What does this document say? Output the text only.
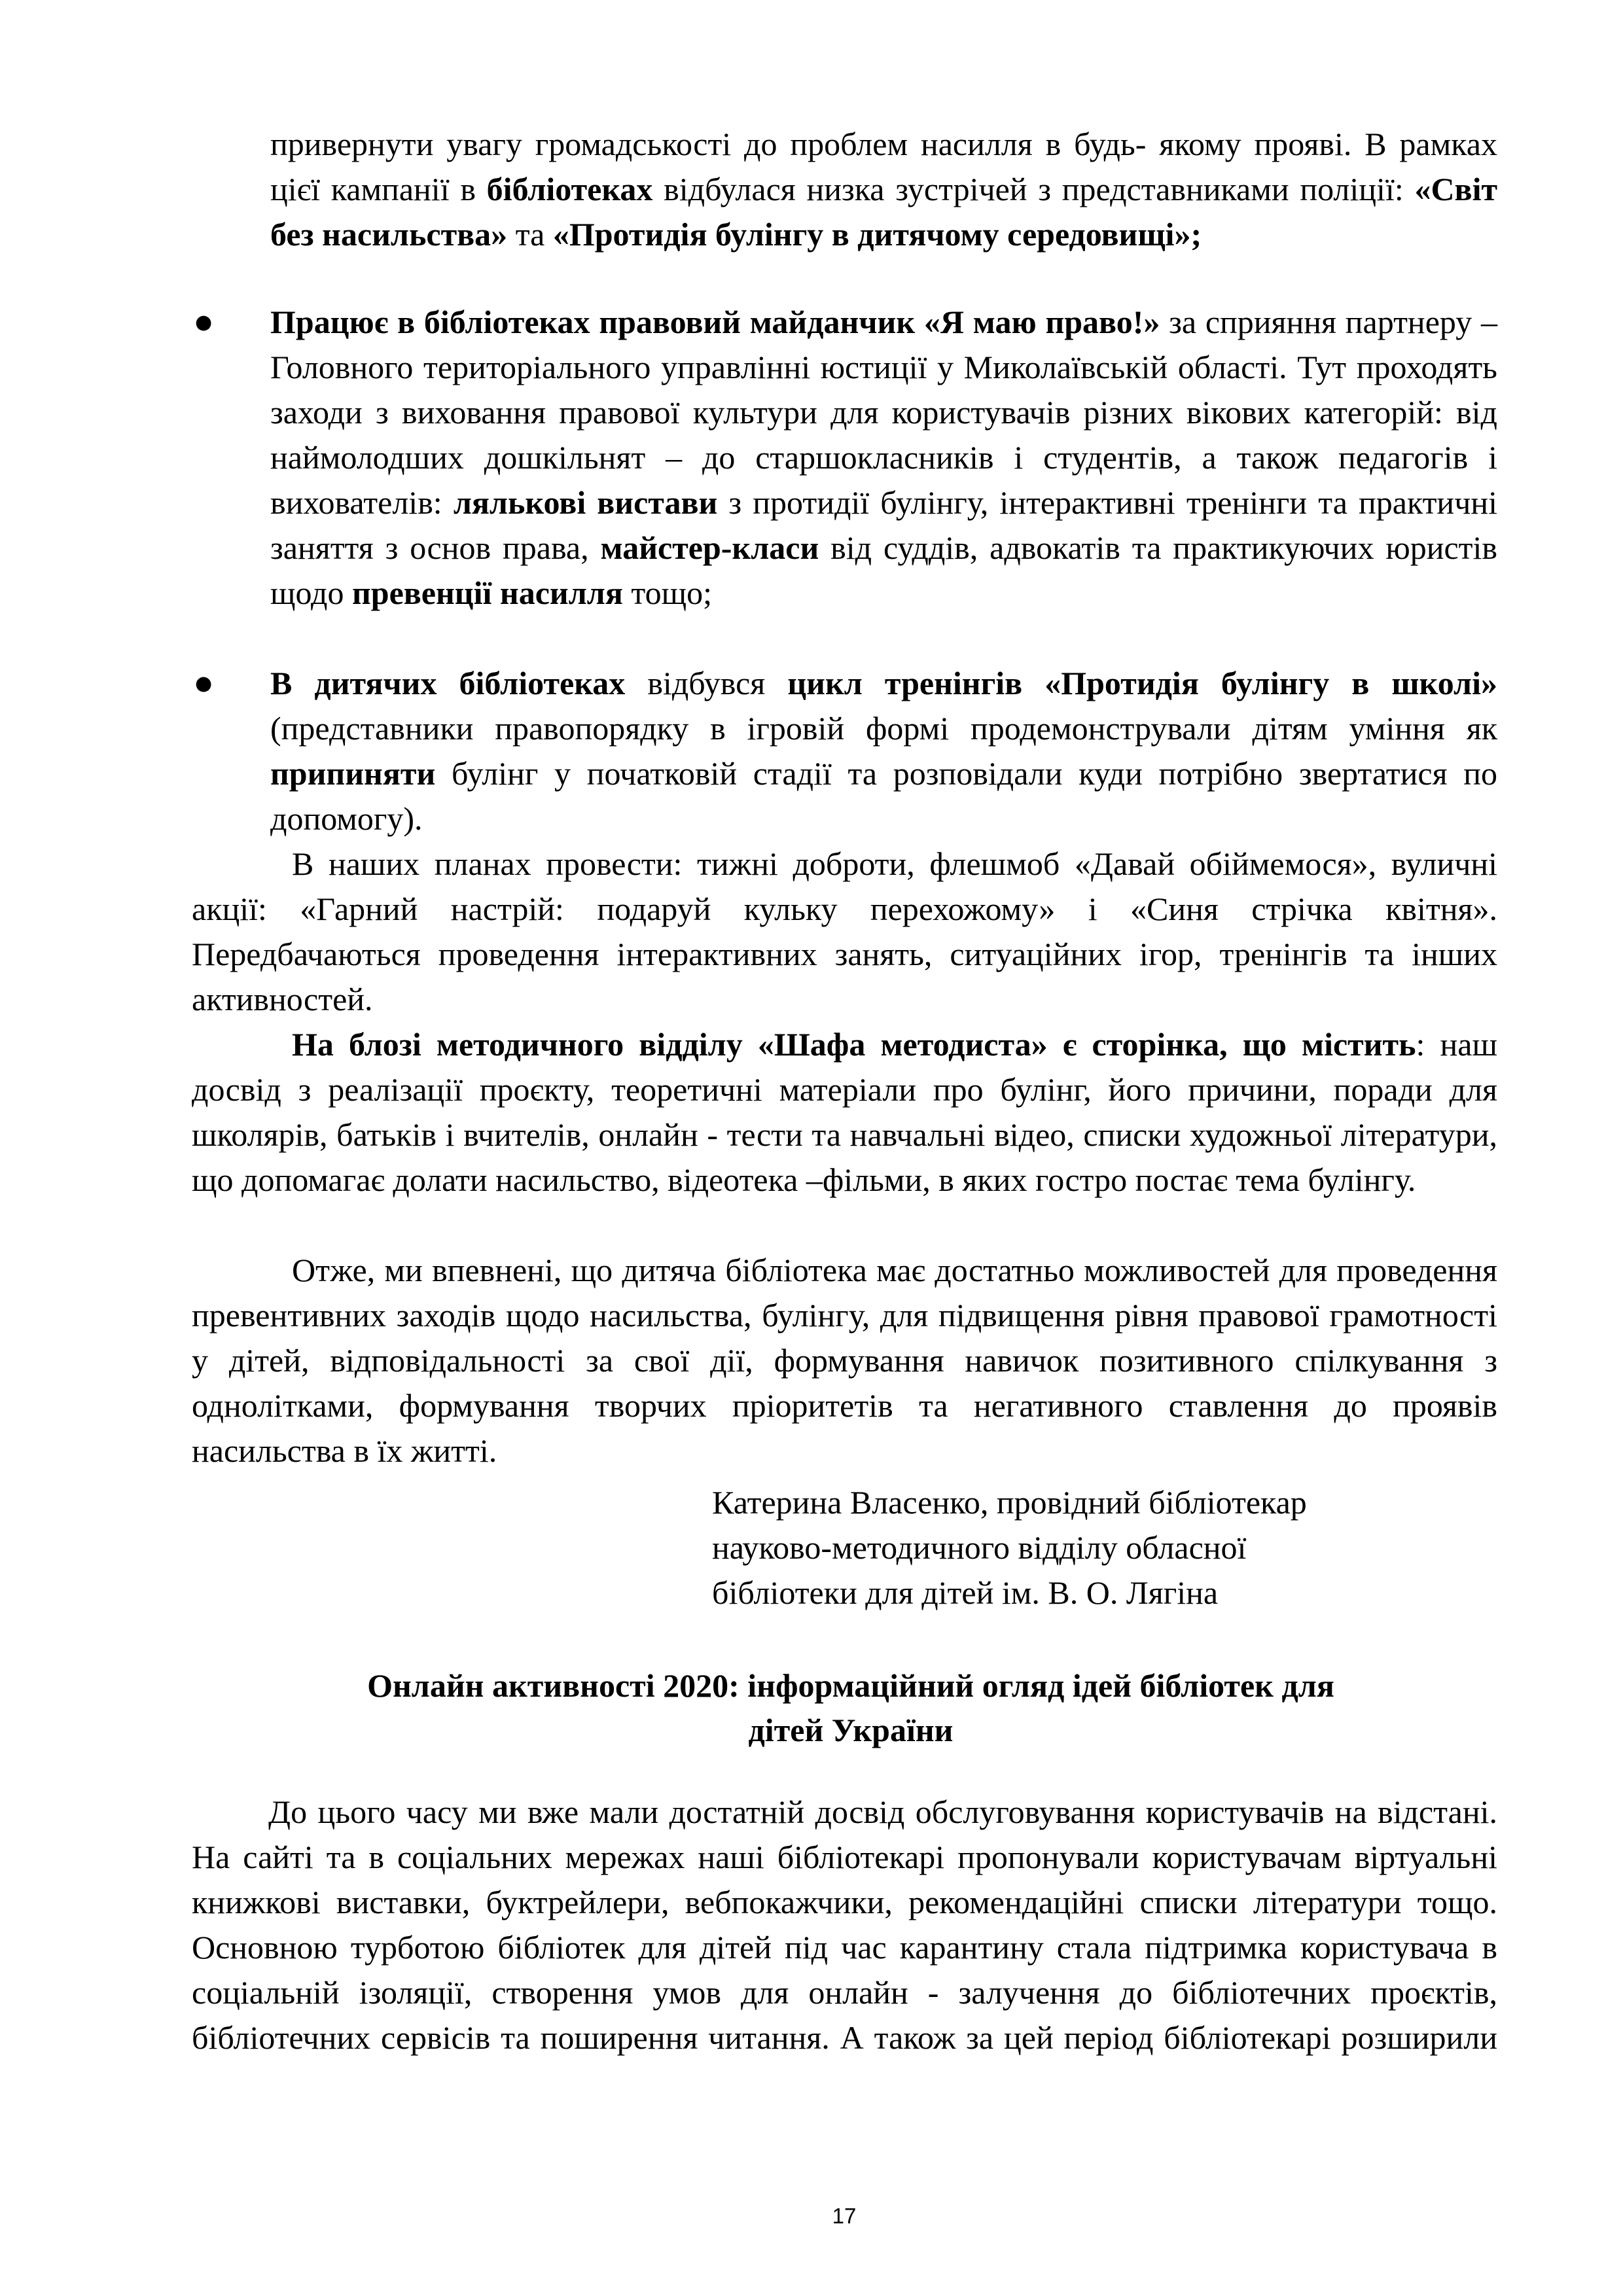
привернути увагу громадськості до проблем насилля в будь- якому прояві. В рамках цієї кампанії в бібліотеках відбулася низка зустрічей з представниками поліції: «Світ без насильства» та «Протидія булінгу в дитячому середовищі»;
● Працює в бібліотеках правовий майданчик «Я маю право!» за сприяння партнеру – Головного територіального управлінні юстиції у Миколаївській області. Тут проходять заходи з виховання правової культури для користувачів різних вікових категорій: від наймолодших дошкільнят – до старшокласників і студентів, а також педагогів і вихователів: лялькові вистави з протидії булінгу, інтерактивні тренінги та практичні заняття з основ права, майстер-класи від суддів, адвокатів та практикуючих юристів щодо превенції насилля тощо;
● В дитячих бібліотеках відбувся цикл тренінгів «Протидія булінгу в школі» (представники правопорядку в ігровій формі продемонстрували дітям уміння як припиняти булінг у початковій стадії та розповідали куди потрібно звертатися по допомогу).
В наших планах провести: тижні доброти, флешмоб «Давай обіймемося», вуличні акції: «Гарний настрій: подаруй кульку перехожому» і «Синя стрічка квітня». Передбачаються проведення інтерактивних занять, ситуаційних ігор, тренінгів та інших активностей.
На блозі методичного відділу «Шафа методиста» є сторінка, що містить: наш досвід з реалізації проєкту, теоретичні матеріали про булінг, його причини, поради для школярів, батьків і вчителів, онлайн - тести та навчальні відео, списки художньої літератури, що допомагає долати насильство, відеотека –фільми, в яких гостро постає тема булінгу.
Отже, ми впевнені, що дитяча бібліотека має достатньо можливостей для проведення превентивних заходів щодо насильства, булінгу, для підвищення рівня правової грамотності у дітей, відповідальності за свої дії, формування навичок позитивного спілкування з однолітками, формування творчих пріоритетів та негативного ставлення до проявів насильства в їх житті.
Катерина Власенко, провідний бібліотекар
науково-методичного відділу обласної
бібліотеки для дітей ім. В. О. Лягіна
Онлайн активності 2020: інформаційний огляд ідей бібліотек для
дітей України
До цього часу ми вже мали достатній досвід обслуговування користувачів на відстані. На сайті та в соціальних мережах наші бібліотекарі пропонували користувачам віртуальні книжкові виставки, буктрейлери, вебпокажчики, рекомендаційні списки літератури тощо. Основною турботою бібліотек для дітей під час карантину стала підтримка користувача в соціальній ізоляції, створення умов для онлайн - залучення до бібліотечних проєктів, бібліотечних сервісів та поширення читання. А також за цей період бібліотекарі розширили
17
